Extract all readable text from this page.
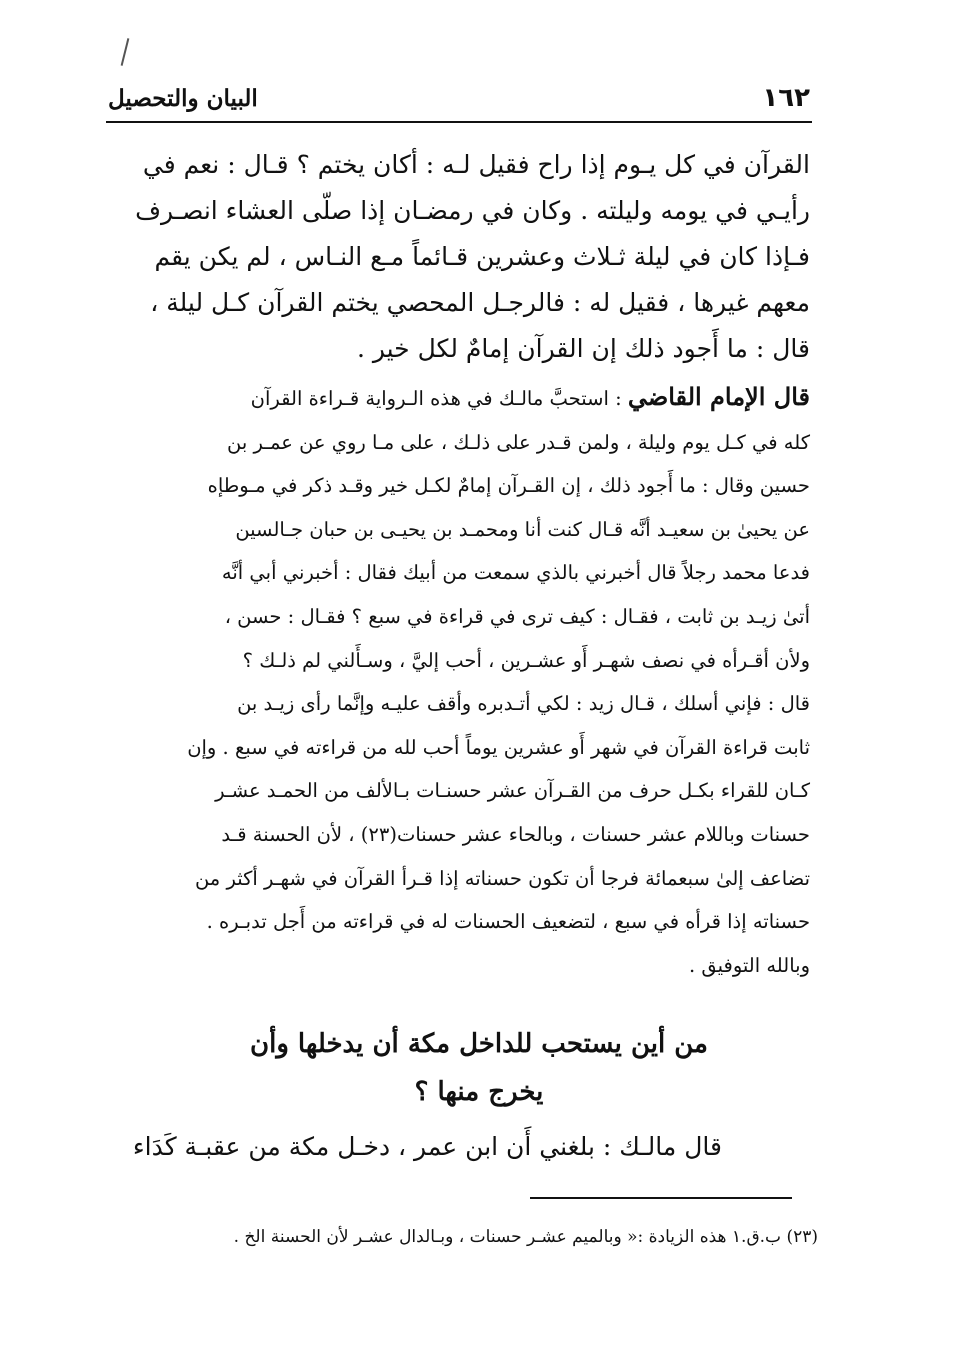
١٦٢
البيان والتحصيل

القرآن في كل يـوم إذا راح فقيل لـه : أكان يختم ؟ قـال : نعم في

رأيـي في يومه وليلته . وكان في رمضـان إذا صلّى العشاء انصـرف

فـإذا كان في ليلة ثـلاث وعشرين قـائماً مـع النـاس ، لم يكن يقم

معهم غيرها ، فقيل له : فالرجـل المحصي يختم القرآن كـل ليلة ،

قال : ما أَجود ذلك إن القرآن إمامٌ لكل خير .

قال الإمام القاضي : استحبَّ مالـك في هذه الـرواية قـراءة القرآن

كله في كـل يوم وليلة ، ولمن قـدر على ذلـك ، على مـا روي عن عمـر بن

حسين وقال : ما أَجود ذلك ، إن القـرآن إمامٌ لكـل خير وقـد ذكر في مـوطإه

عن يحيىٰ بن سعيـد أنَّه قـال كنت أنا ومحمـد بن يحيـى بن حبان جـالسين

فدعا محمد رجلاً قال أخبرني بالذي سمعت من أبيك فقال : أخبرني أبي أنَّه

أتىٰ زيـد بن ثابت ، فقـال : كيف ترى في قراءة في سبع ؟ فقـال : حسن ،

ولأن أقـرأه في نصف شهـر أَو عشـرين ، أحب إليَّ ، وسـأَلني لم ذلـك ؟

قال : فإني أسلك ، قـال زيد : لكي أتـدبره وأقف عليـه وإنَّما رأى زيـد بن

ثابت قراءة القرآن في شهر أَو عشرين يوماً أحب لله من قراءته في سبع . وإن

كـان للقراء بكـل حرف من القـرآن عشر حسنـات بـالألف من الحمـد عشـر

حسنات وباللام عشر حسنات ، وبالحاء عشر حسنات(٢٣) ، لأن الحسنة قـد

تضاعف إلىٰ سبعمائة فرجا أن تكون حسناته إذا قـرأ القرآن في شهـر أكثر من

حسناته إذا قرأه في سبع ، لتضعيف الحسنات له في قراءته من أَجل تدبـره .

وبالله التوفيق .

من أين يستحب للداخل مكة أن يدخلها وأن
يخرج منها ؟
قال مالـك : بلغني أَن ابن عمر ، دخـل مكة من عقبـة كَدَاء
(٢٣) ب.ق.١ هذه الزيادة :« وبالميم عشـر حسنات ، وبـالدال عشـر لأن الحسنة الخ .
